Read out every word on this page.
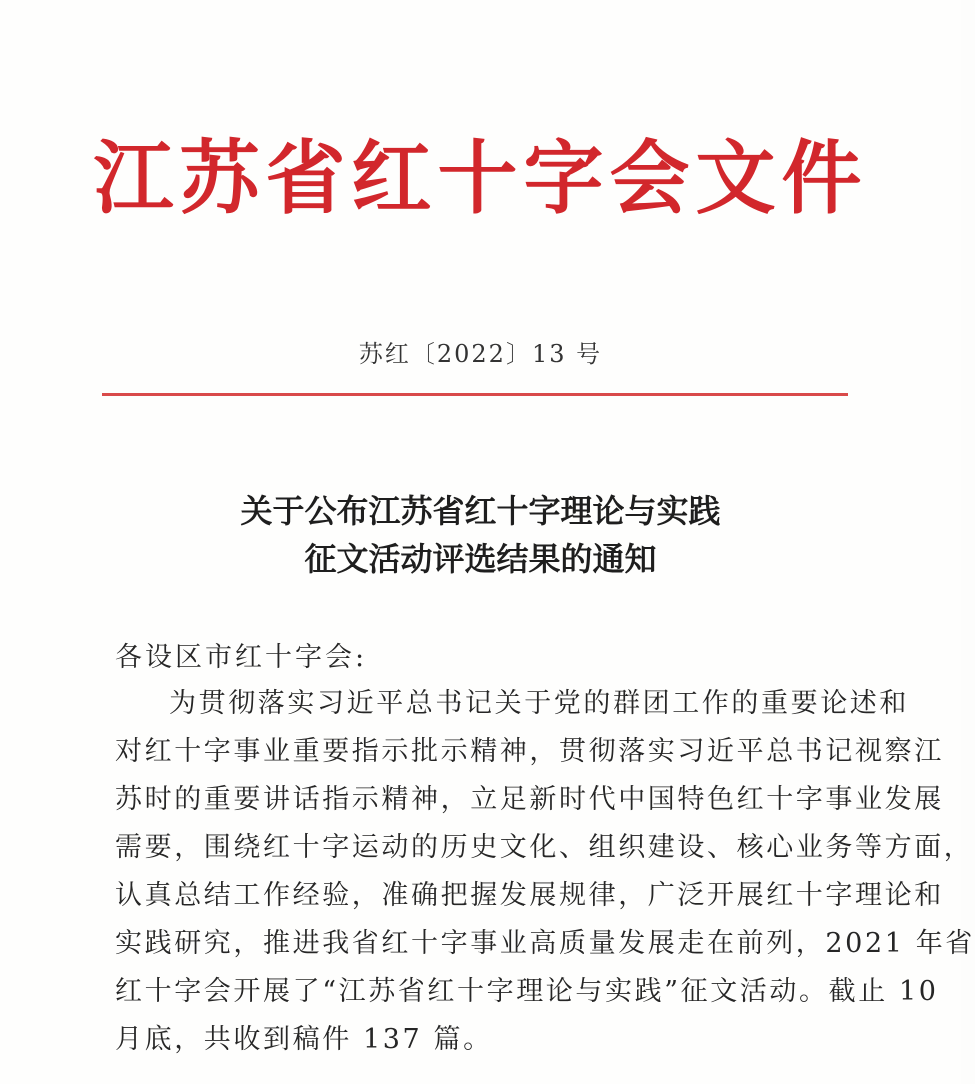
江苏省红十字会文件
苏红〔2022〕13 号
关于公布江苏省红十字理论与实践
征文活动评选结果的通知
各设区市红十字会:
为贯彻落实习近平总书记关于党的群团工作的重要论述和
对红十字事业重要指示批示精神，贯彻落实习近平总书记视察江
苏时的重要讲话指示精神，立足新时代中国特色红十字事业发展
需要，围绕红十字运动的历史文化、组织建设、核心业务等方面，
认真总结工作经验，准确把握发展规律，广泛开展红十字理论和
实践研究，推进我省红十字事业高质量发展走在前列，2021 年省
红十字会开展了“江苏省红十字理论与实践”征文活动。截止 10
月底，共收到稿件 137 篇。
